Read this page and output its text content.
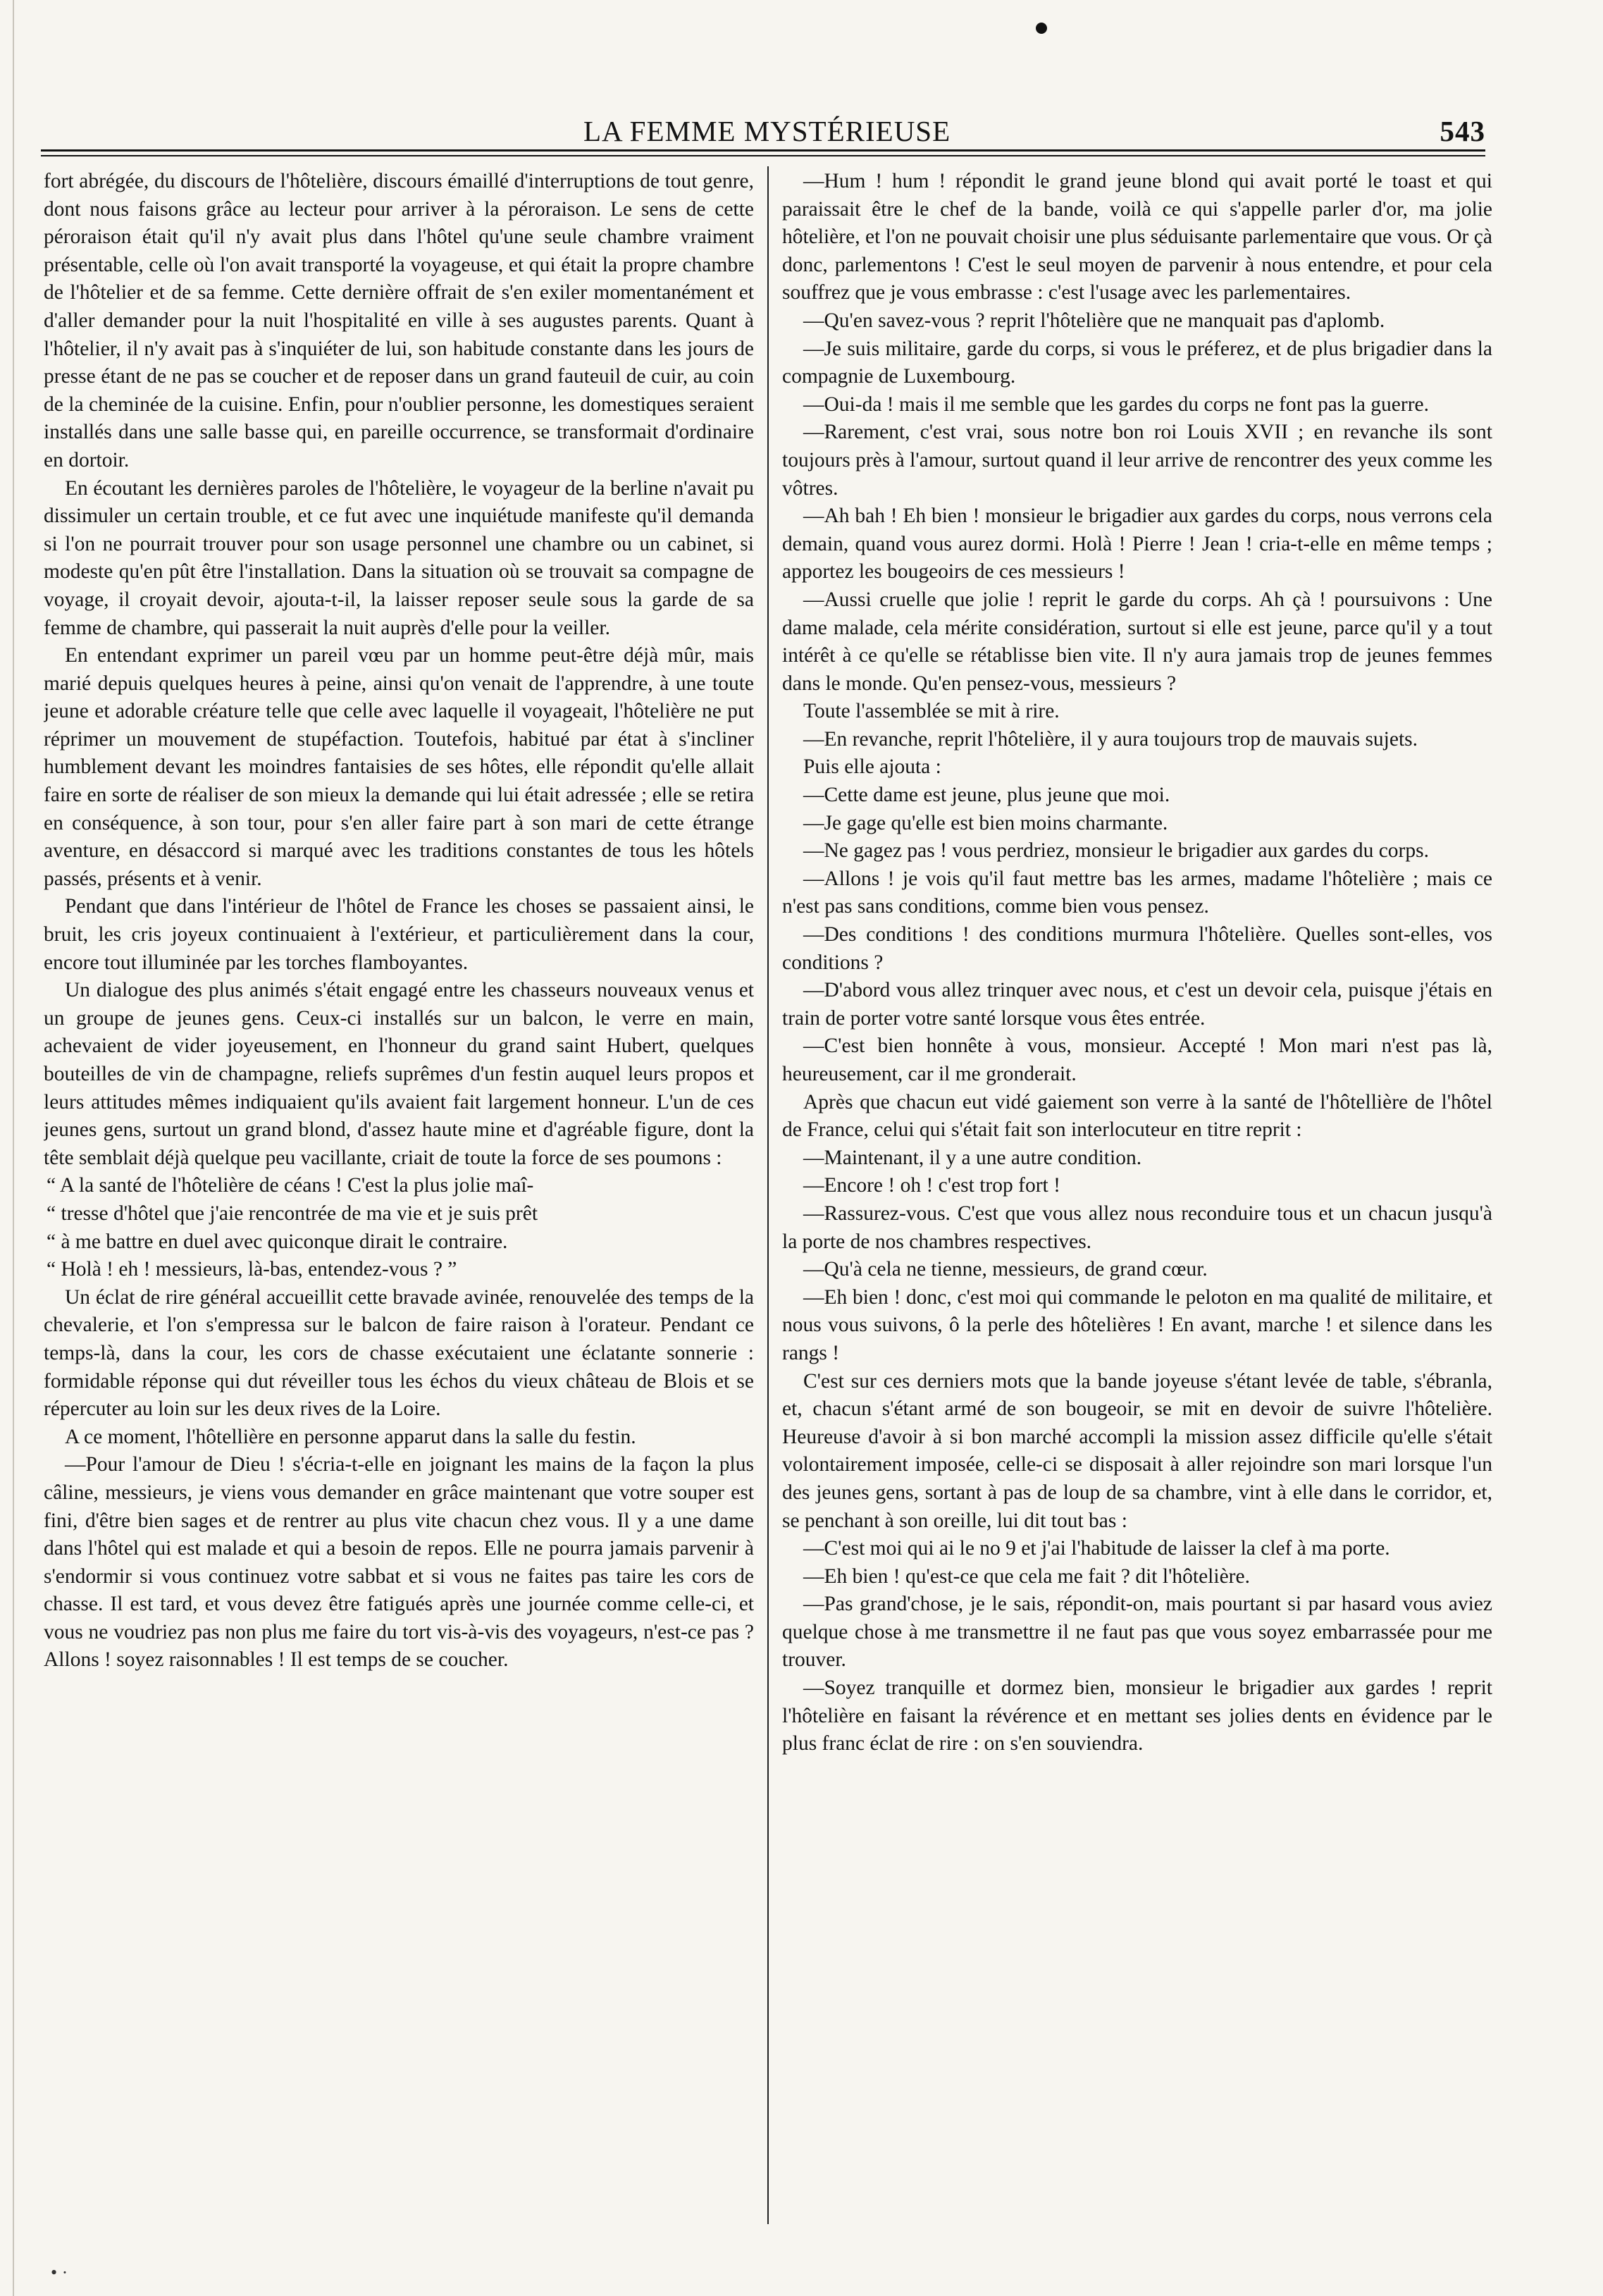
LA FEMME MYSTÉRIEUSE	543

fort abrégée, du discours de l'hôtelière, discours émaillé d'interruptions de tout genre, dont nous faisons grâce au lecteur pour arriver à la péroraison. Le sens de cette péroraison était qu'il n'y avait plus dans l'hôtel qu'une seule chambre vraiment présentable, celle où l'on avait transporté la voyageuse, et qui était la propre chambre de l'hôtelier et de sa femme. Cette dernière offrait de s'en exiler momentanément et d'aller demander pour la nuit l'hospitalité en ville à ses augustes parents. Quant à l'hôtelier, il n'y avait pas à s'inquiéter de lui, son habitude constante dans les jours de presse étant de ne pas se coucher et de reposer dans un grand fauteuil de cuir, au coin de la cheminée de la cuisine. Enfin, pour n'oublier personne, les domestiques seraient installés dans une salle basse qui, en pareille occurrence, se transformait d'ordinaire en dortoir.

En écoutant les dernières paroles de l'hôtelière, le voyageur de la berline n'avait pu dissimuler un certain trouble, et ce fut avec une inquiétude manifeste qu'il demanda si l'on ne pourrait trouver pour son usage personnel une chambre ou un cabinet, si modeste qu'en pût être l'installation. Dans la situation où se trouvait sa compagne de voyage, il croyait devoir, ajouta-t-il, la laisser reposer seule sous la garde de sa femme de chambre, qui passerait la nuit auprès d'elle pour la veiller.

En entendant exprimer un pareil vœu par un homme peut-être déjà mûr, mais marié depuis quelques heures à peine, ainsi qu'on venait de l'apprendre, à une toute jeune et adorable créature telle que celle avec laquelle il voyageait, l'hôtelière ne put réprimer un mouvement de stupéfaction. Toutefois, habitué par état à s'incliner humblement devant les moindres fantaisies de ses hôtes, elle répondit qu'elle allait faire en sorte de réaliser de son mieux la demande qui lui était adressée ; elle se retira en conséquence, à son tour, pour s'en aller faire part à son mari de cette étrange aventure, en désaccord si marqué avec les traditions constantes de tous les hôtels passés, présents et à venir.

Pendant que dans l'intérieur de l'hôtel de France les choses se passaient ainsi, le bruit, les cris joyeux continuaient à l'extérieur, et particulièrement dans la cour, encore tout illuminée par les torches flamboyantes.

Un dialogue des plus animés s'était engagé entre les chasseurs nouveaux venus et un groupe de jeunes gens. Ceux-ci installés sur un balcon, le verre en main, achevaient de vider joyeusement, en l'honneur du grand saint Hubert, quelques bouteilles de vin de champagne, reliefs suprêmes d'un festin auquel leurs propos et leurs attitudes mêmes indiquaient qu'ils avaient fait largement honneur. L'un de ces jeunes gens, surtout un grand blond, d'assez haute mine et d'agréable figure, dont la tête semblait déjà quelque peu vacillante, criait de toute la force de ses poumons :

“ A la santé de l'hôtelière de céans ! C'est la plus jolie maî-

“ tresse d'hôtel que j'aie rencontrée de ma vie et je suis prêt

“ à me battre en duel avec quiconque dirait le contraire.

“ Holà ! eh ! messieurs, là-bas, entendez-vous ? ”

Un éclat de rire général accueillit cette bravade avinée, renouvelée des temps de la chevalerie, et l'on s'empressa sur le balcon de faire raison à l'orateur. Pendant ce temps-là, dans la cour, les cors de chasse exécutaient une éclatante sonnerie : formidable réponse qui dut réveiller tous les échos du vieux château de Blois et se répercuter au loin sur les deux rives de la Loire.

A ce moment, l'hôtellière en personne apparut dans la salle du festin.

—Pour l'amour de Dieu ! s'écria-t-elle en joignant les mains de la façon la plus câline, messieurs, je viens vous demander en grâce maintenant que votre souper est fini, d'être bien sages et de rentrer au plus vite chacun chez vous. Il y a une dame dans l'hôtel qui est malade et qui a besoin de repos. Elle ne pourra jamais parvenir à s'endormir si vous continuez votre sabbat et si vous ne faites pas taire les cors de chasse. Il est tard, et vous devez être fatigués après une journée comme celle-ci, et vous ne voudriez pas non plus me faire du tort vis-à-vis des voyageurs, n'est-ce pas ? Allons ! soyez raisonnables ! Il est temps de se coucher.

—Hum ! hum ! répondit le grand jeune blond qui avait porté le toast et qui paraissait être le chef de la bande, voilà ce qui s'appelle parler d'or, ma jolie hôtelière, et l'on ne pouvait choisir une plus séduisante parlementaire que vous. Or çà donc, parlementons ! C'est le seul moyen de parvenir à nous entendre, et pour cela souffrez que je vous embrasse : c'est l'usage avec les parlementaires.

—Qu'en savez-vous ? reprit l'hôtelière que ne manquait pas d'aplomb.

—Je suis militaire, garde du corps, si vous le préferez, et de plus brigadier dans la compagnie de Luxembourg.

—Oui-da ! mais il me semble que les gardes du corps ne font pas la guerre.

—Rarement, c'est vrai, sous notre bon roi Louis XVII ; en revanche ils sont toujours près à l'amour, surtout quand il leur arrive de rencontrer des yeux comme les vôtres.

—Ah bah ! Eh bien ! monsieur le brigadier aux gardes du corps, nous verrons cela demain, quand vous aurez dormi. Holà ! Pierre ! Jean ! cria-t-elle en même temps ; apportez les bougeoirs de ces messieurs !

—Aussi cruelle que jolie ! reprit le garde du corps. Ah çà ! poursuivons : Une dame malade, cela mérite considération, surtout si elle est jeune, parce qu'il y a tout intérêt à ce qu'elle se rétablisse bien vite. Il n'y aura jamais trop de jeunes femmes dans le monde. Qu'en pensez-vous, messieurs ?

Toute l'assemblée se mit à rire.

—En revanche, reprit l'hôtelière, il y aura toujours trop de mauvais sujets.

Puis elle ajouta :

—Cette dame est jeune, plus jeune que moi.

—Je gage qu'elle est bien moins charmante.

—Ne gagez pas ! vous perdriez, monsieur le brigadier aux gardes du corps.

—Allons ! je vois qu'il faut mettre bas les armes, madame l'hôtelière ; mais ce n'est pas sans conditions, comme bien vous pensez.

—Des conditions ! des conditions murmura l'hôtelière. Quelles sont-elles, vos conditions ?

—D'abord vous allez trinquer avec nous, et c'est un devoir cela, puisque j'étais en train de porter votre santé lorsque vous êtes entrée.

—C'est bien honnête à vous, monsieur. Accepté ! Mon mari n'est pas là, heureusement, car il me gronderait.

Après que chacun eut vidé gaiement son verre à la santé de l'hôtellière de l'hôtel de France, celui qui s'était fait son interlocuteur en titre reprit :

—Maintenant, il y a une autre condition.

—Encore ! oh ! c'est trop fort !

—Rassurez-vous. C'est que vous allez nous reconduire tous et un chacun jusqu'à la porte de nos chambres respectives.

—Qu'à cela ne tienne, messieurs, de grand cœur.

—Eh bien ! donc, c'est moi qui commande le peloton en ma qualité de militaire, et nous vous suivons, ô la perle des hôtelières ! En avant, marche ! et silence dans les rangs !

C'est sur ces derniers mots que la bande joyeuse s'étant levée de table, s'ébranla, et, chacun s'étant armé de son bougeoir, se mit en devoir de suivre l'hôtelière. Heureuse d'avoir à si bon marché accompli la mission assez difficile qu'elle s'était volontairement imposée, celle-ci se disposait à aller rejoindre son mari lorsque l'un des jeunes gens, sortant à pas de loup de sa chambre, vint à elle dans le corridor, et, se penchant à son oreille, lui dit tout bas :

—C'est moi qui ai le no 9 et j'ai l'habitude de laisser la clef à ma porte.

—Eh bien ! qu'est-ce que cela me fait ? dit l'hôtelière.

—Pas grand'chose, je le sais, répondit-on, mais pourtant si par hasard vous aviez quelque chose à me transmettre il ne faut pas que vous soyez embarrassée pour me trouver.

—Soyez tranquille et dormez bien, monsieur le brigadier aux gardes ! reprit l'hôtelière en faisant la révérence et en mettant ses jolies dents en évidence par le plus franc éclat de rire : on s'en souviendra.

• ·
